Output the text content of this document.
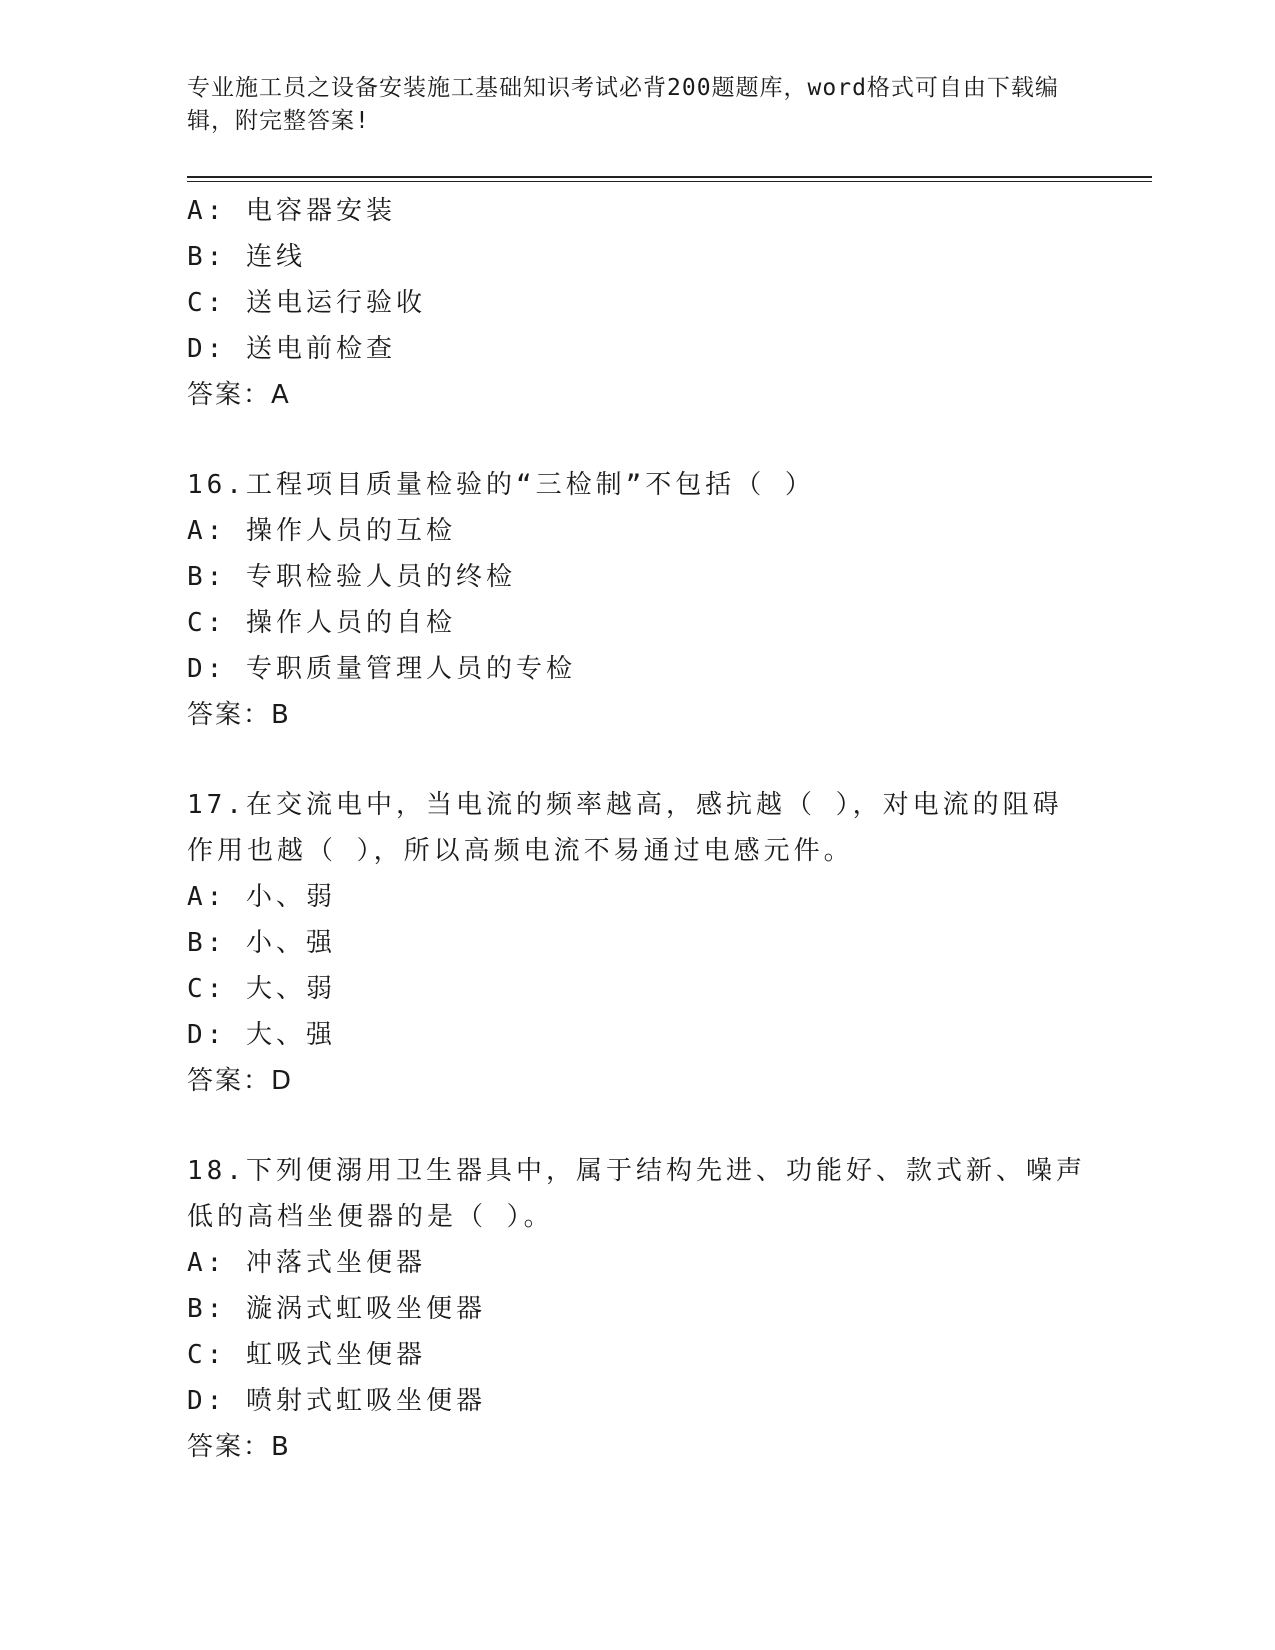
专业施工员之设备安装施工基础知识考试必背200题题库，word格式可自由下载编辑，附完整答案!
A: 电容器安装
B: 连线
C: 送电运行验收
D: 送电前检查
答案：A
16.工程项目质量检验的“三检制”不包括（ ）
A: 操作人员的互检
B: 专职检验人员的终检
C: 操作人员的自检
D: 专职质量管理人员的专检
答案：B
17.在交流电中，当电流的频率越高，感抗越（ ），对电流的阻碍作用也越（ ），所以高频电流不易通过电感元件。
A: 小、弱
B: 小、强
C: 大、弱
D: 大、强
答案：D
18.下列便溺用卫生器具中，属于结构先进、功能好、款式新、噪声低的高档坐便器的是（ ）。
A: 冲落式坐便器
B: 漩涡式虹吸坐便器
C: 虹吸式坐便器
D: 喷射式虹吸坐便器
答案：B
